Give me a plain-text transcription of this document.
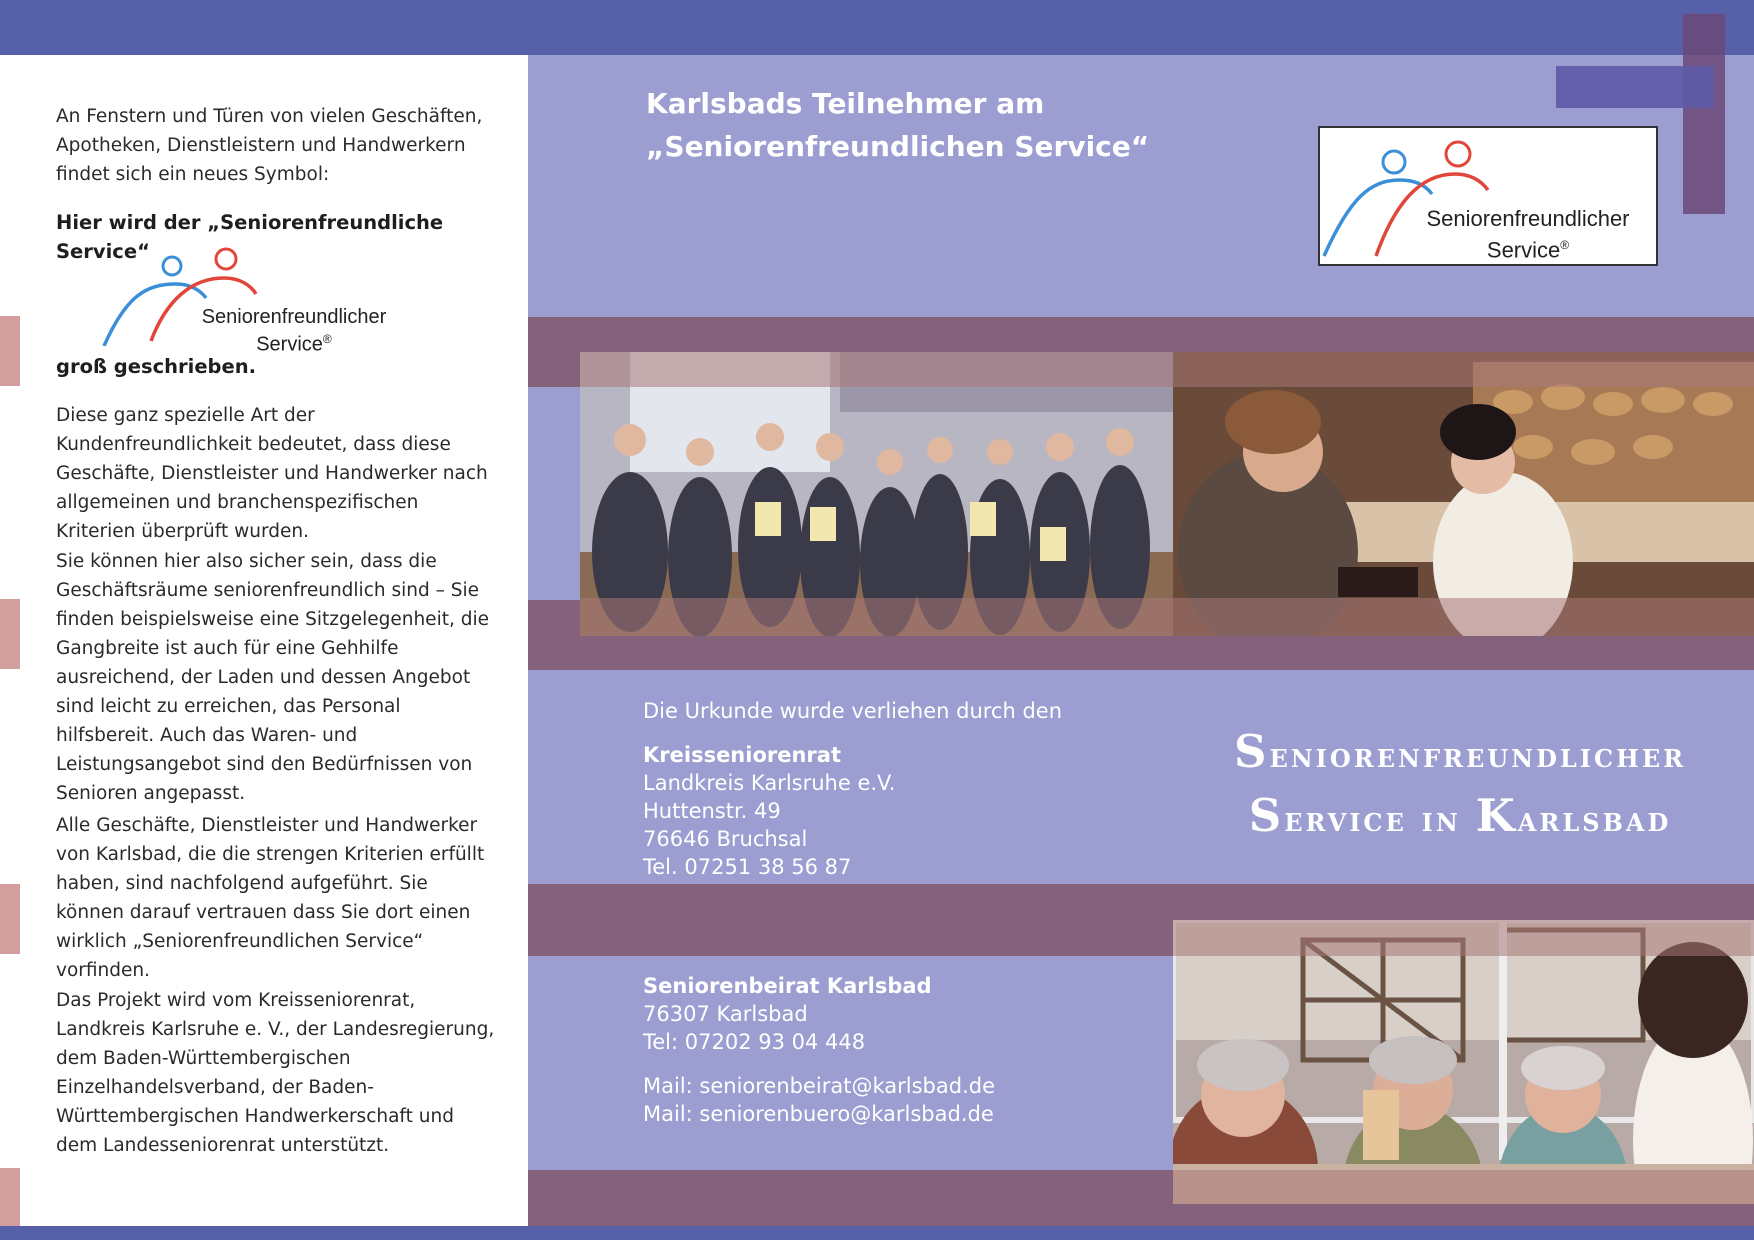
An Fenstern und Türen von vielen Geschäften, Apotheken, Dienstleistern und Handwerkern findet sich ein neues Symbol:

Hier wird der „Seniorenfreundliche Service“

Seniorenfreundlicher
Service®

groß geschrieben.

Diese ganz spezielle Art der Kundenfreundlichkeit bedeutet, dass diese Geschäfte, Dienstleister und Handwerker nach allgemeinen und branchenspezifischen Kriterien überprüft wurden.

Sie können hier also sicher sein, dass die Geschäftsräume seniorenfreundlich sind – Sie finden beispielsweise eine Sitzgelegenheit, die Gangbreite ist auch für eine Gehhilfe ausreichend, der Laden und dessen Angebot sind leicht zu erreichen, das Personal hilfsbereit. Auch das Waren- und Leistungsangebot sind den Bedürfnissen von Senioren angepasst.

Alle Geschäfte, Dienstleister und Handwerker von Karlsbad, die die strengen Kriterien erfüllt haben, sind nachfolgend aufgeführt. Sie können darauf vertrauen dass Sie dort einen wirklich „Seniorenfreundlichen Service“ vorfinden.

Das Projekt wird vom Kreisseniorenrat, Landkreis Karlsruhe e. V., der Landesregierung, dem Baden-Württembergischen Einzelhandelsverband, der Baden-Württembergischen Handwerkerschaft und dem Landesseniorenrat unterstützt.

Karlsbads Teilnehmer am
„Seniorenfreundlichen Service“
Seniorenfreundlicher
Service®
Die Urkunde wurde verliehen durch den
Kreisseniorenrat
Landkreis Karlsruhe e.V.
Huttenstr. 49
76646 Bruchsal
Tel. 07251 38 56 87
Seniorenfreundlicher
Service in Karlsbad
Seniorenbeirat Karlsbad
76307 Karlsbad
Tel: 07202 93 04 448
Mail: seniorenbeirat@karlsbad.de
Mail: seniorenbuero@karlsbad.de
